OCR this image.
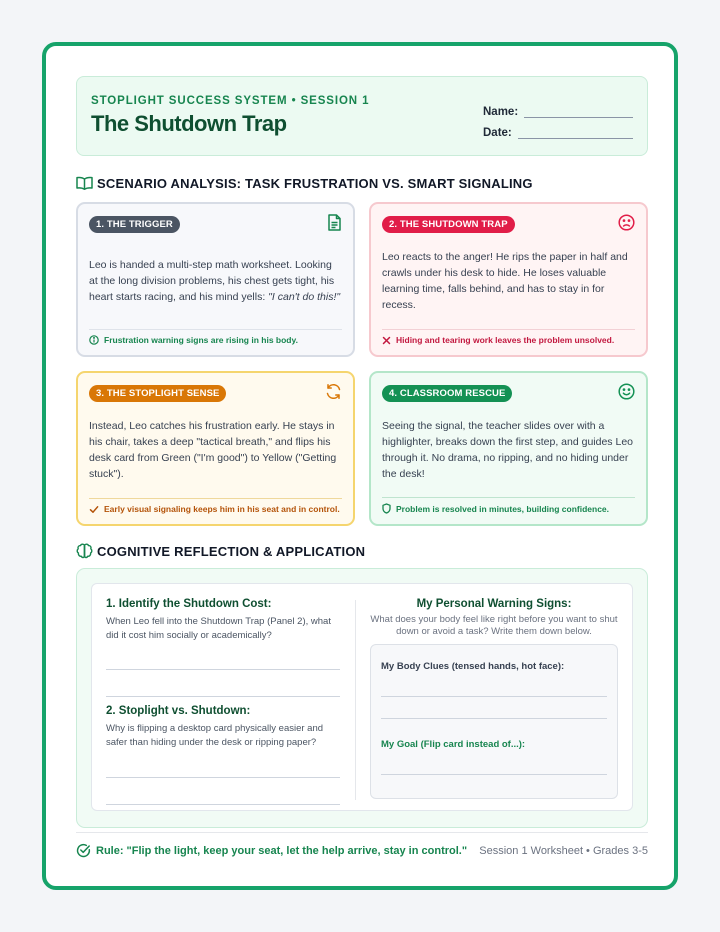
STOPLIGHT SUCCESS SYSTEM • SESSION 1
The Shutdown Trap	Name:
Date:
SCENARIO ANALYSIS: TASK FRUSTRATION VS. SMART SIGNALING
1. THE TRIGGER
Leo is handed a multi-step math worksheet. Looking at the long division problems, his chest gets tight, his heart starts racing, and his mind yells: "I can't do this!"
Frustration warning signs are rising in his body.
2. THE SHUTDOWN TRAP
Leo reacts to the anger! He rips the paper in half and crawls under his desk to hide. He loses valuable learning time, falls behind, and has to stay in for recess.
Hiding and tearing work leaves the problem unsolved.
3. THE STOPLIGHT SENSE
Instead, Leo catches his frustration early. He stays in his chair, takes a deep "tactical breath," and flips his desk card from Green ("I'm good") to Yellow ("Getting stuck").
Early visual signaling keeps him in his seat and in control.
4. CLASSROOM RESCUE
Seeing the signal, the teacher slides over with a highlighter, breaks down the first step, and guides Leo through it. No drama, no ripping, and no hiding under the desk!
Problem is resolved in minutes, building confidence.
COGNITIVE REFLECTION & APPLICATION
1. Identify the Shutdown Cost:
When Leo fell into the Shutdown Trap (Panel 2), what did it cost him socially or academically?
2. Stoplight vs. Shutdown:
Why is flipping a desktop card physically easier and safer than hiding under the desk or ripping paper?
My Personal Warning Signs:
What does your body feel like right before you want to shut down or avoid a task? Write them down below.
My Body Clues (tensed hands, hot face):
My Goal (Flip card instead of...):
Rule: "Flip the light, keep your seat, let the help arrive, stay in control." Session 1 Worksheet • Grades 3-5
